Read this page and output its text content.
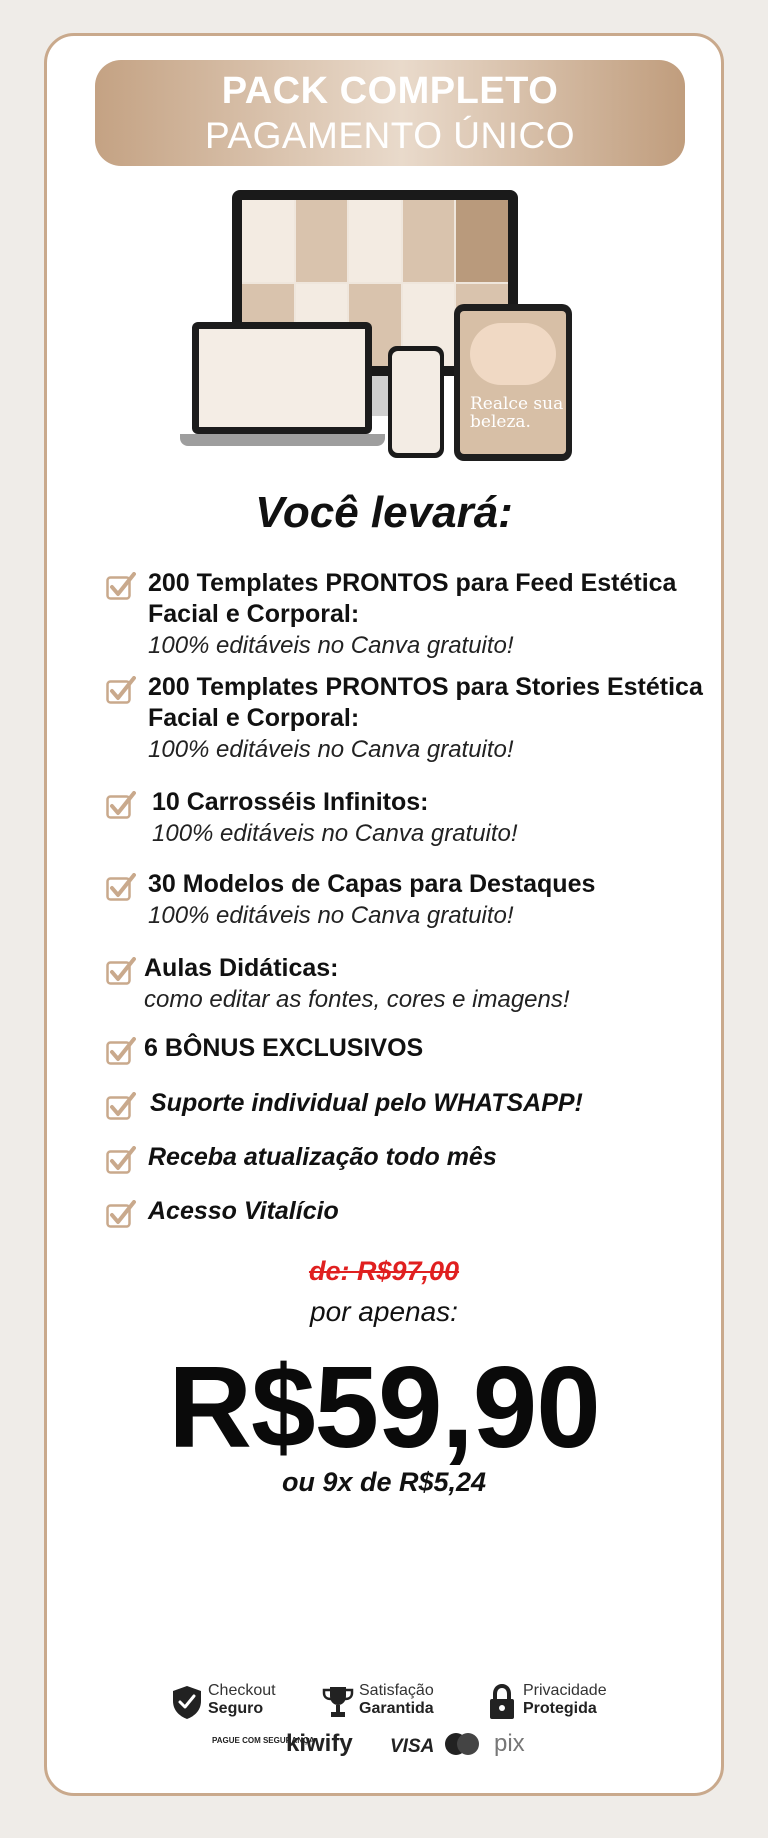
PACK COMPLETO
PAGAMENTO ÚNICO
Realce sua beleza.
Você levará:
200 Templates PRONTOS para Feed Estética Facial e Corporal:
100% editáveis no Canva gratuito!
200 Templates PRONTOS para Stories Estética Facial e Corporal:
100% editáveis no Canva gratuito!
10 Carrosséis Infinitos:
100% editáveis no Canva gratuito!
30 Modelos de Capas para Destaques
100% editáveis no Canva gratuito!
Aulas Didáticas:
como editar as fontes, cores e imagens!
6 BÔNUS EXCLUSIVOS
Suporte individual pelo WHATSAPP!
Receba atualização todo mês
Acesso Vitalício
de: R$97,00
por apenas:
R$59,90
ou 9x de R$5,24
Checkout
Seguro
Satisfação
Garantida
Privacidade
Protegida
PAGUE COM SEGURANÇA
kiwify VISA pix
